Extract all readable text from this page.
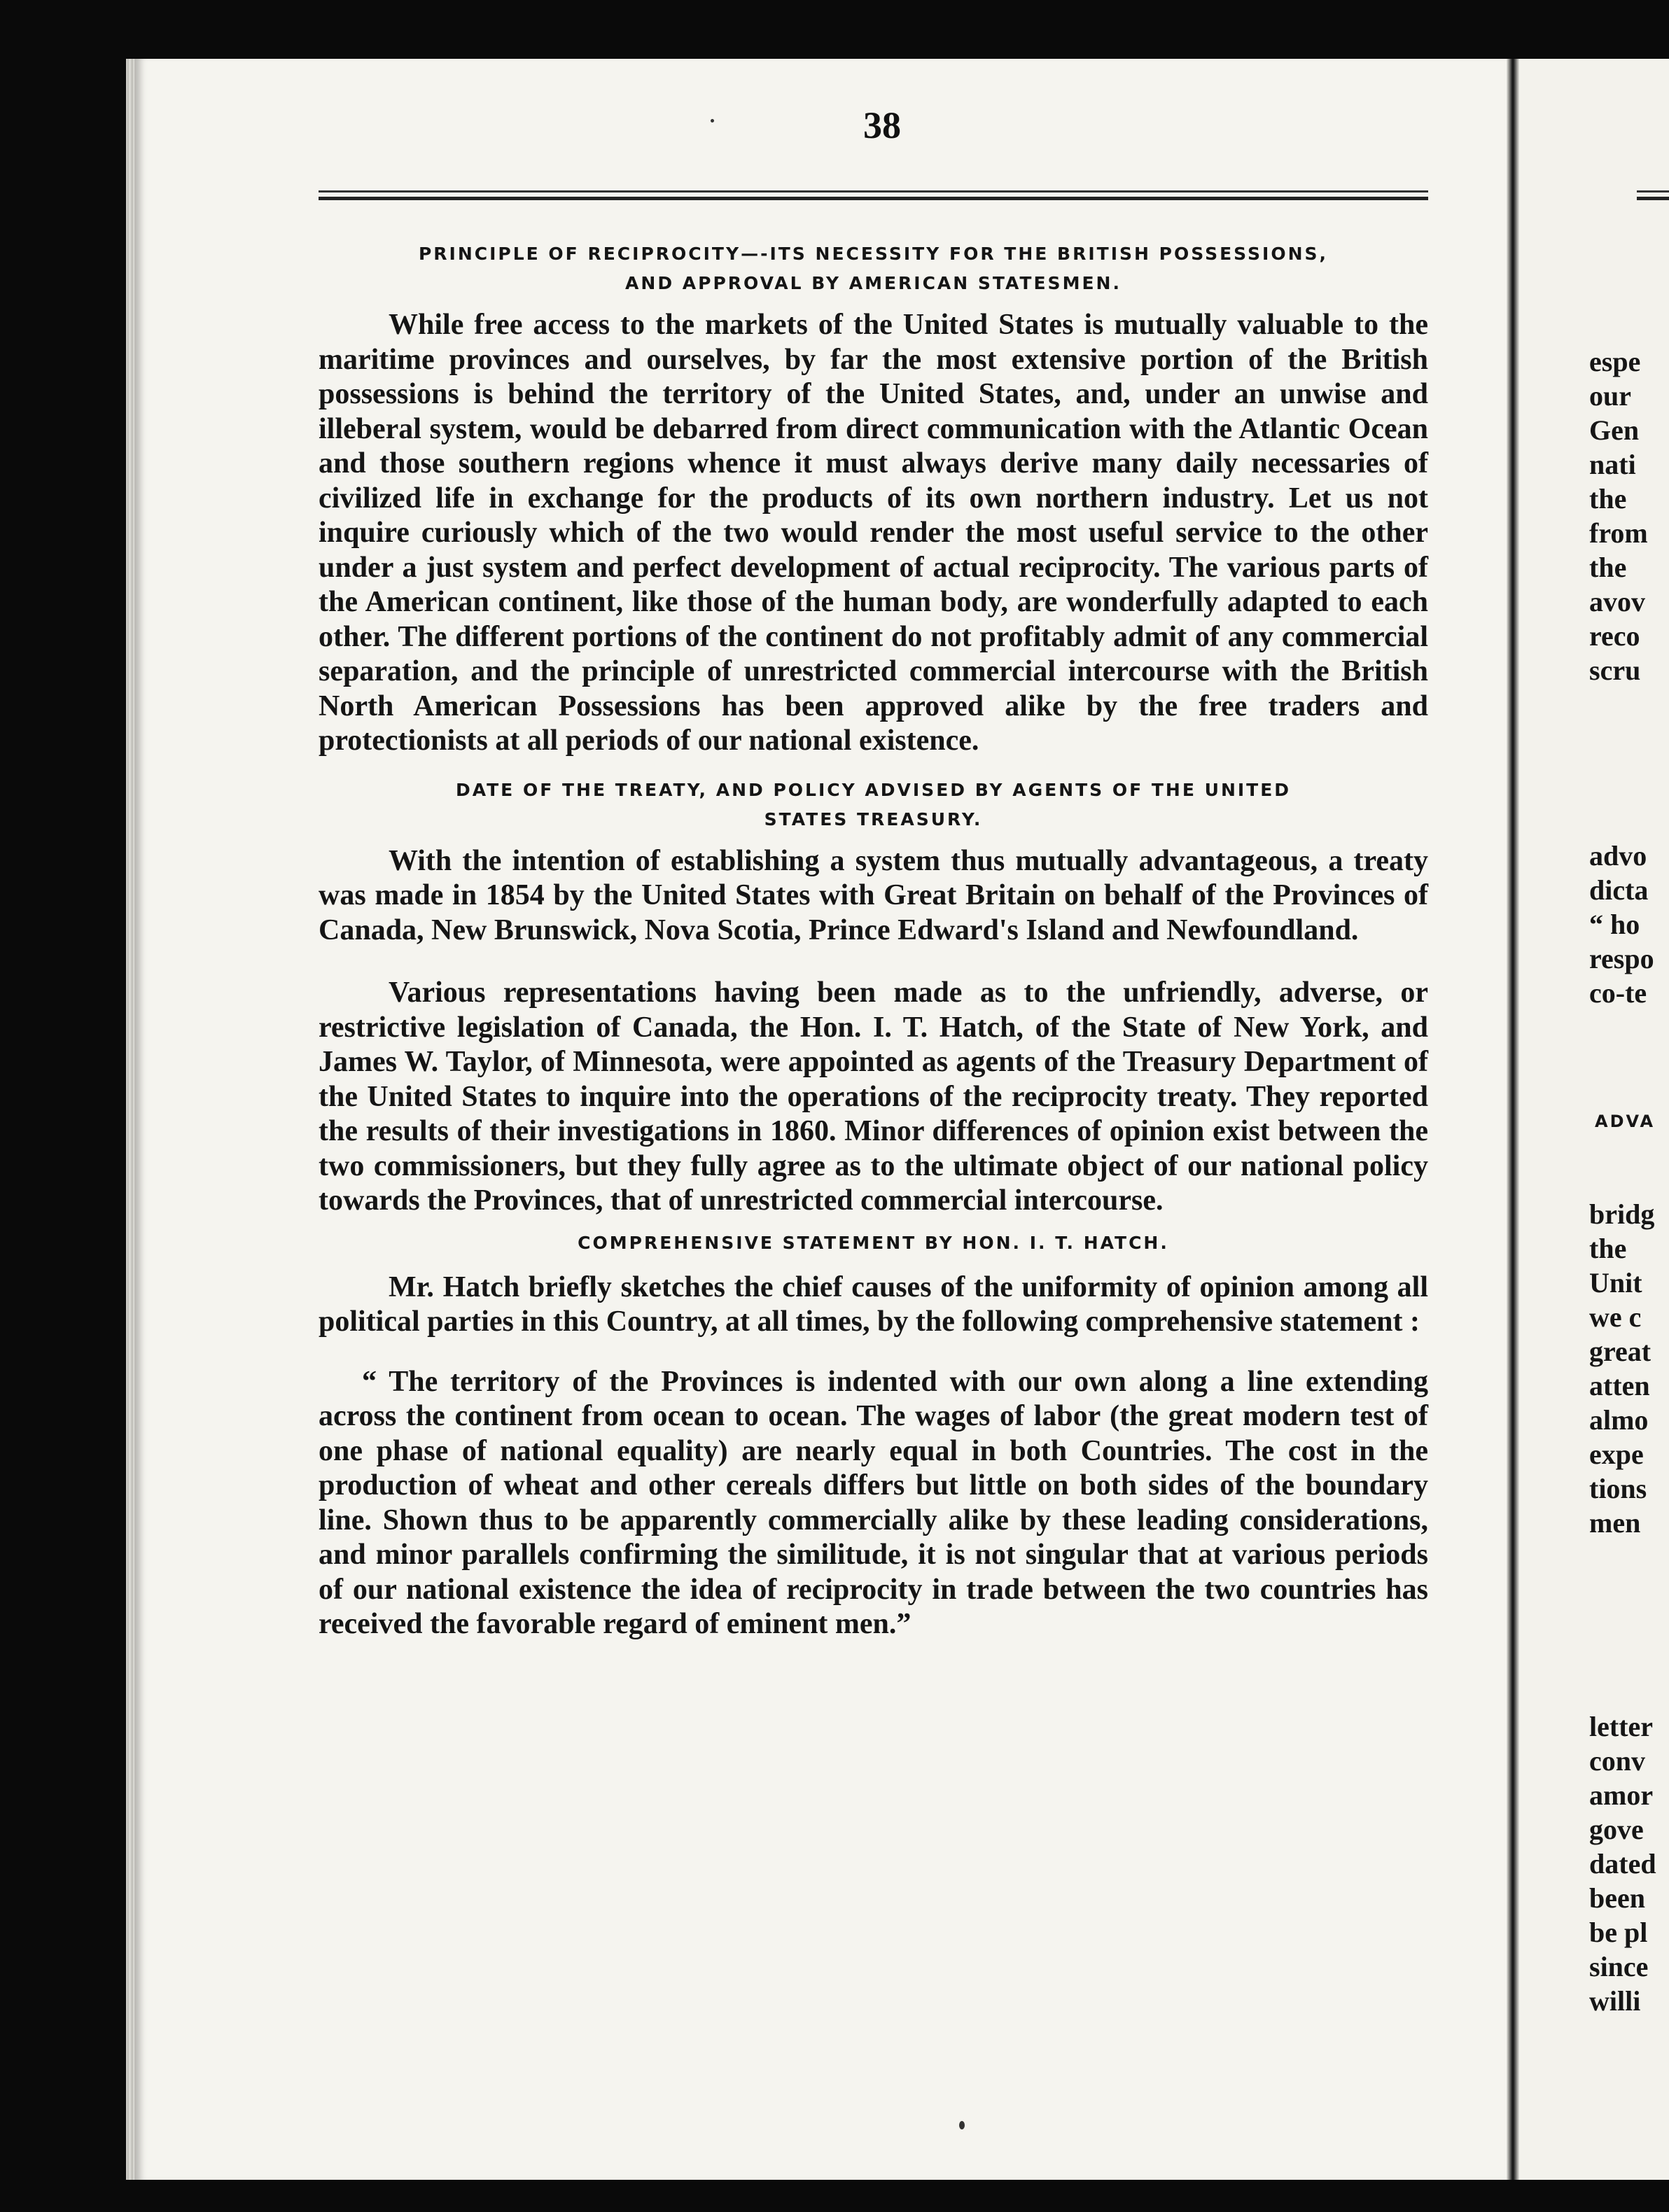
38

PRINCIPLE OF RECIPROCITY—-ITS NECESSITY FOR THE BRITISH POSSESSIONS,
AND APPROVAL BY AMERICAN STATESMEN.

While free access to the markets of the United States is mutually valuable to the maritime provinces and ourselves, by far the most extensive portion of the British possessions is behind the territory of the United States, and, under an unwise and illeberal system, would be debarred from direct communication with the Atlantic Ocean and those southern regions whence it must always derive many daily necessaries of civilized life in exchange for the products of its own northern industry. Let us not inquire curiously which of the two would render the most useful service to the other under a just system and perfect development of actual reciprocity. The various parts of the American continent, like those of the human body, are wonderfully adapted to each other. The different portions of the continent do not profitably admit of any commercial separation, and the principle of unrestricted commercial intercourse with the British North American Possessions has been approved alike by the free traders and protectionists at all periods of our national existence.

DATE OF THE TREATY, AND POLICY ADVISED BY AGENTS OF THE UNITED
STATES TREASURY.

With the intention of establishing a system thus mutually advantageous, a treaty was made in 1854 by the United States with Great Britain on behalf of the Provinces of Canada, New Brunswick, Nova Scotia, Prince Edward's Island and Newfoundland.

Various representations having been made as to the unfriendly, adverse, or restrictive legislation of Canada, the Hon. I. T. Hatch, of the State of New York, and James W. Taylor, of Minnesota, were appointed as agents of the Treasury Department of the United States to inquire into the operations of the reciprocity treaty. They reported the results of their investigations in 1860. Minor differences of opinion exist between the two commissioners, but they fully agree as to the ultimate object of our national policy towards the Provinces, that of unrestricted commercial intercourse.

COMPREHENSIVE STATEMENT BY HON. I. T. HATCH.

Mr. Hatch briefly sketches the chief causes of the uniformity of opinion among all political parties in this Country, at all times, by the following comprehensive statement :

“ The territory of the Provinces is indented with our own along a line extending across the continent from ocean to ocean. The wages of labor (the great modern test of one phase of national equality) are nearly equal in both Countries. The cost in the production of wheat and other cereals differs but little on both sides of the boundary line. Shown thus to be apparently commercially alike by these leading considerations, and minor parallels confirming the similitude, it is not singular that at various periods of our national existence the idea of reciprocity in trade between the two countries has received the favorable regard of eminent men.”

espe
our
Gen
nati
the
from
the
avov
reco
scru
advo
dicta
“ ho
respo
co-te
bridg
the
Unit
we c
great
atten
almo
expe
tions
men
letter
conv
amor
gove
dated
been
be pl
since
willi
ADVA
